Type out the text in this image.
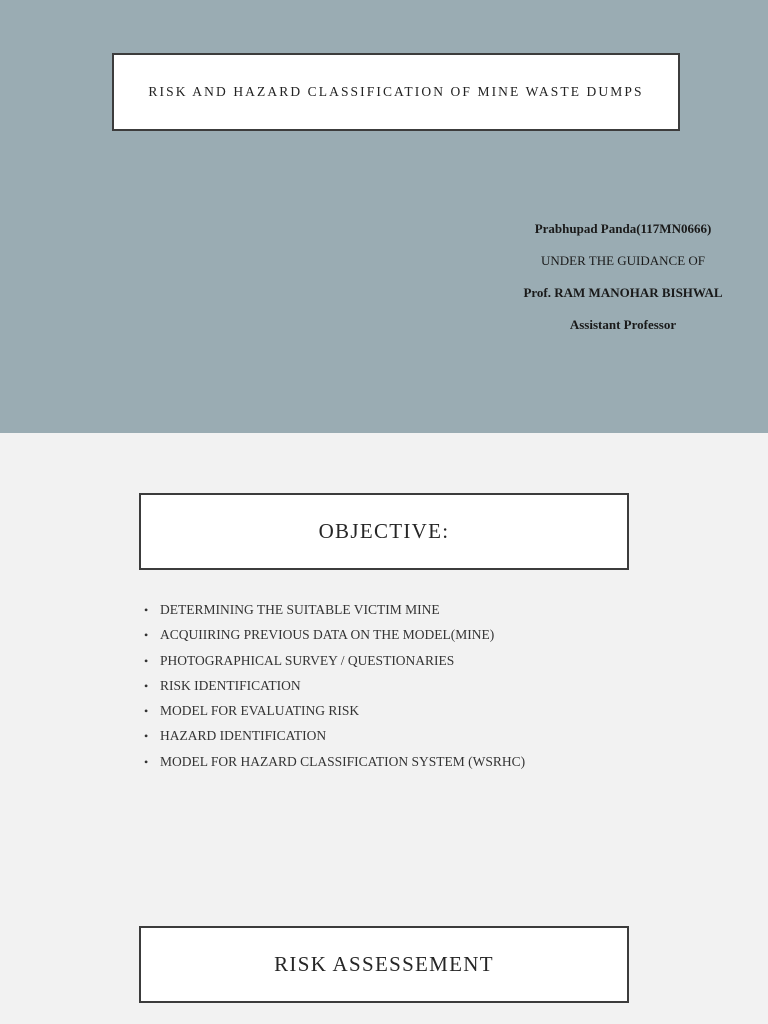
RISK AND HAZARD CLASSIFICATION OF MINE WASTE DUMPS
Prabhupad Panda(117MN0666)
UNDER THE GUIDANCE OF
Prof. RAM MANOHAR BISHWAL
Assistant Professor
OBJECTIVE:
• DETERMINING THE SUITABLE VICTIM MINE
• ACQUIIRING PREVIOUS DATA ON THE MODEL(MINE)
• PHOTOGRAPHICAL SURVEY / QUESTIONARIES
• RISK IDENTIFICATION
• MODEL FOR EVALUATING RISK
• HAZARD IDENTIFICATION
• MODEL FOR HAZARD CLASSIFICATION SYSTEM (WSRHC)
RISK ASSESSEMENT
